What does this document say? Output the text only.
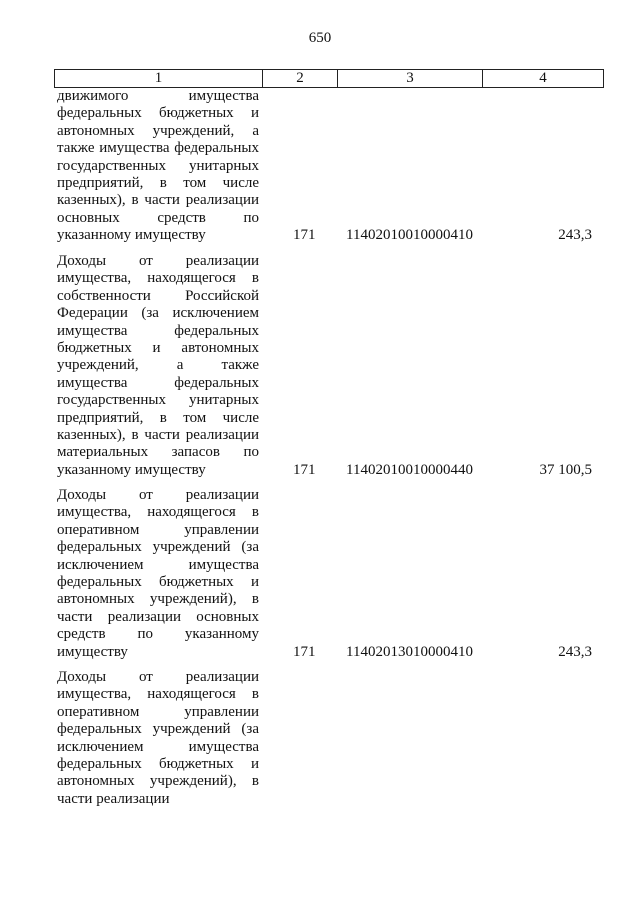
650
1	2	3	4
движимого имущества
федеральных бюджетных и
автономных учреждений, а
также имущества федеральных
государственных унитарных
предприятий, в том числе
казенных), в части реализации
основных средств по
указанному имуществу	171 11402010010000410	243,3
Доходы от реализации
имущества, находящегося в
собственности Российской
Федерации (за исключением
имущества федеральных
бюджетных и автономных
учреждений, а также
имущества федеральных
государственных унитарных
предприятий, в том числе
казенных), в части реализации
материальных запасов по
указанному имуществу	171 11402010010000440	37 100,5
Доходы от реализации
имущества, находящегося в
оперативном управлении
федеральных учреждений (за
исключением имущества
федеральных бюджетных и
автономных учреждений), в
части реализации основных
средств по указанному
имуществу	171 11402013010000410	243,3
Доходы от реализации
имущества, находящегося в
оперативном управлении
федеральных учреждений (за
исключением имущества
федеральных бюджетных и
автономных учреждений), в
части реализации
